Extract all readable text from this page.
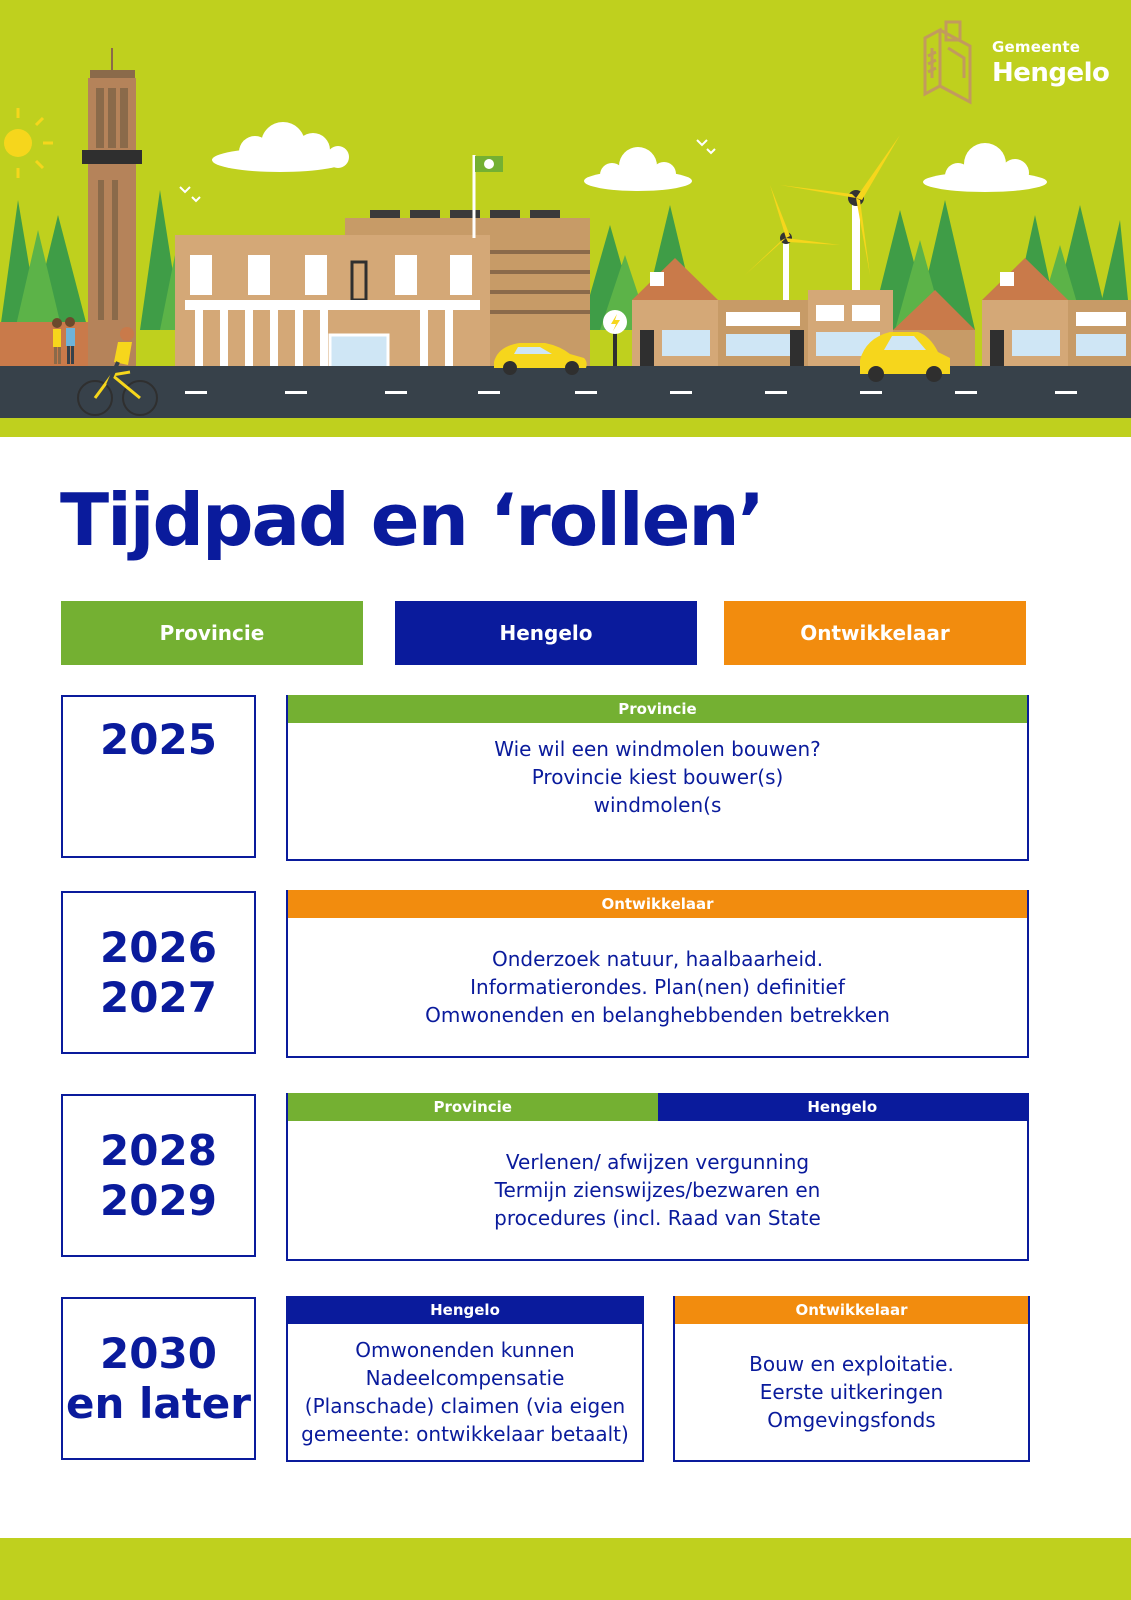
Gemeente
Hengelo
Tijdpad en ‘rollen’
Provincie	Hengelo	Ontwikkelaar
2025
Provincie
Wie wil een windmolen bouwen?
Provincie kiest bouwer(s)
windmolen(s
2026
2027
Ontwikkelaar
Onderzoek natuur, haalbaarheid.
Informatierondes. Plan(nen) definitief
Omwonenden en belanghebbenden betrekken
2028
2029
Provincie	Hengelo
Verlenen/ afwijzen vergunning
Termijn zienswijzes/bezwaren en
procedures (incl. Raad van State
2030
en later
Hengelo
Omwonenden kunnen
Nadeelcompensatie
(Planschade) claimen (via eigen
gemeente: ontwikkelaar betaalt)
Ontwikkelaar
Bouw en exploitatie.
Eerste uitkeringen
Omgevingsfonds
